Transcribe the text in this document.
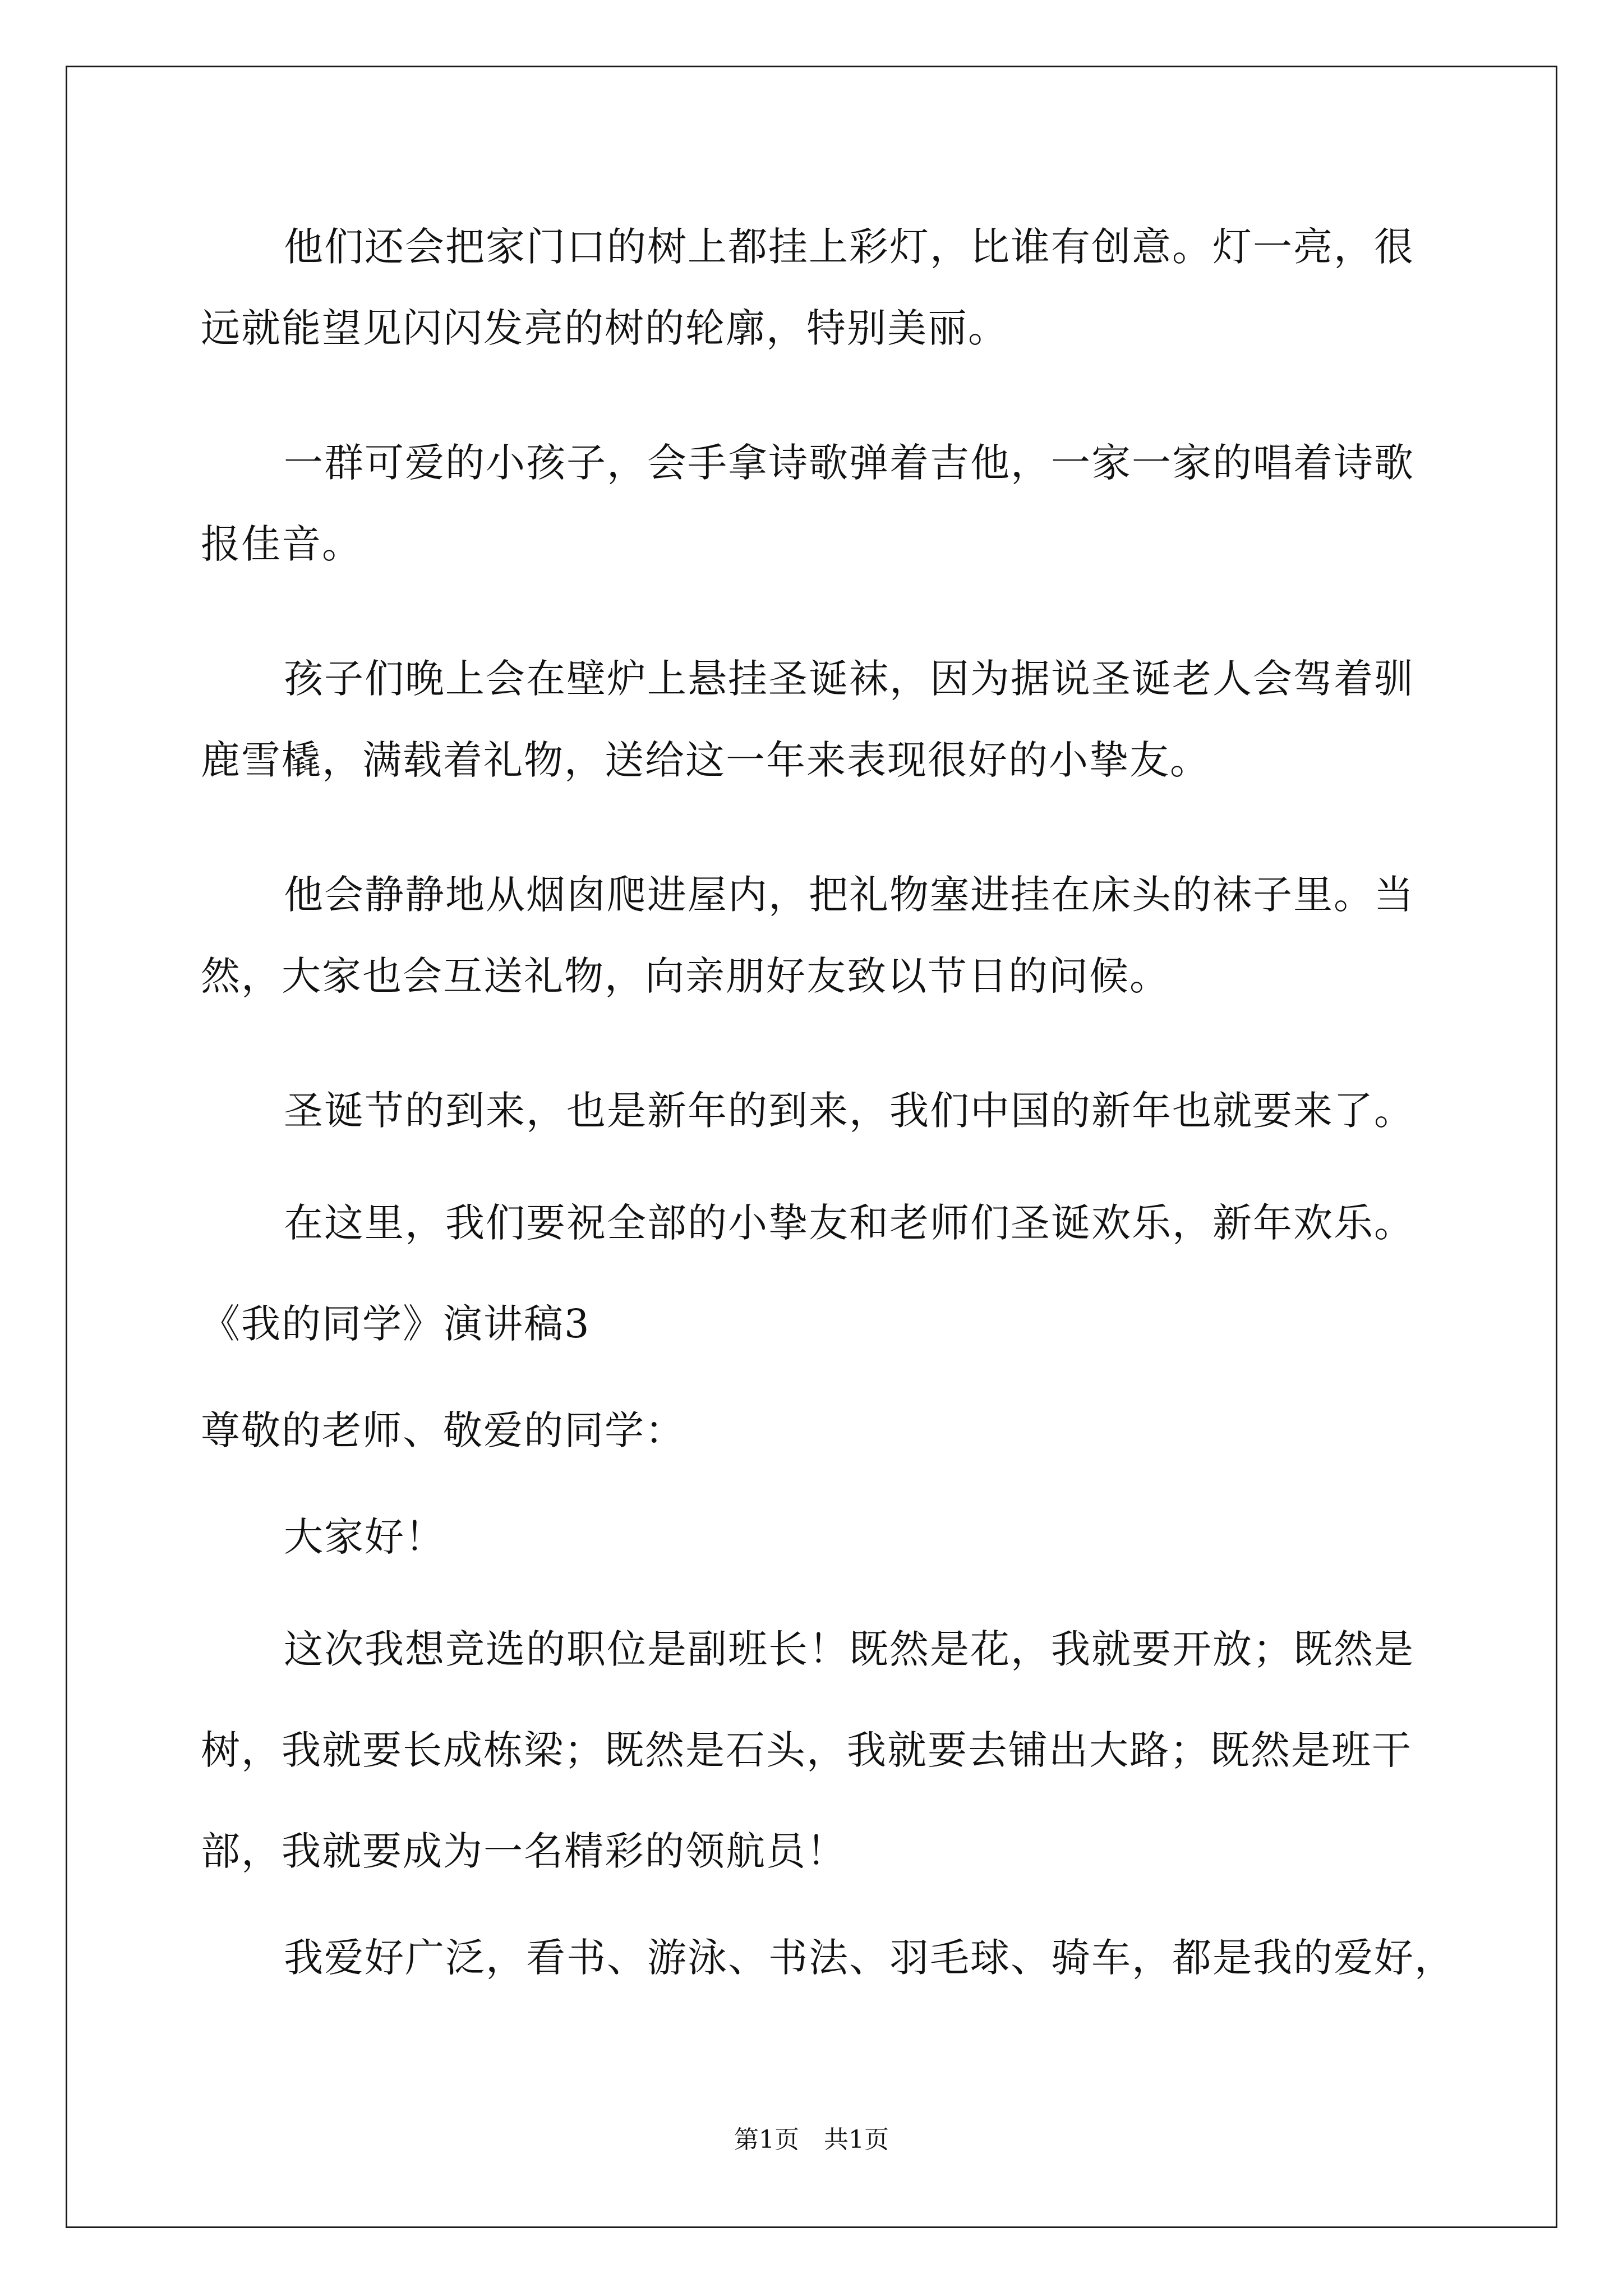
他们还会把家门口的树上都挂上彩灯，比谁有创意。灯一亮，很
远就能望见闪闪发亮的树的轮廓，特别美丽。
一群可爱的小孩子，会手拿诗歌弹着吉他，一家一家的唱着诗歌
报佳音。
孩子们晚上会在壁炉上悬挂圣诞袜，因为据说圣诞老人会驾着驯
鹿雪橇，满载着礼物，送给这一年来表现很好的小挚友。
他会静静地从烟囱爬进屋内，把礼物塞进挂在床头的袜子里。当
然，大家也会互送礼物，向亲朋好友致以节日的问候。
圣诞节的到来，也是新年的到来，我们中国的新年也就要来了。
在这里，我们要祝全部的小挚友和老师们圣诞欢乐，新年欢乐。
《我的同学》演讲稿3
尊敬的老师、敬爱的同学：
大家好！
这次我想竞选的职位是副班长！既然是花，我就要开放；既然是
树，我就要长成栋梁；既然是石头，我就要去铺出大路；既然是班干
部，我就要成为一名精彩的领航员！
我爱好广泛，看书、游泳、书法、羽毛球、骑车，都是我的爱好，
第1页　共1页
